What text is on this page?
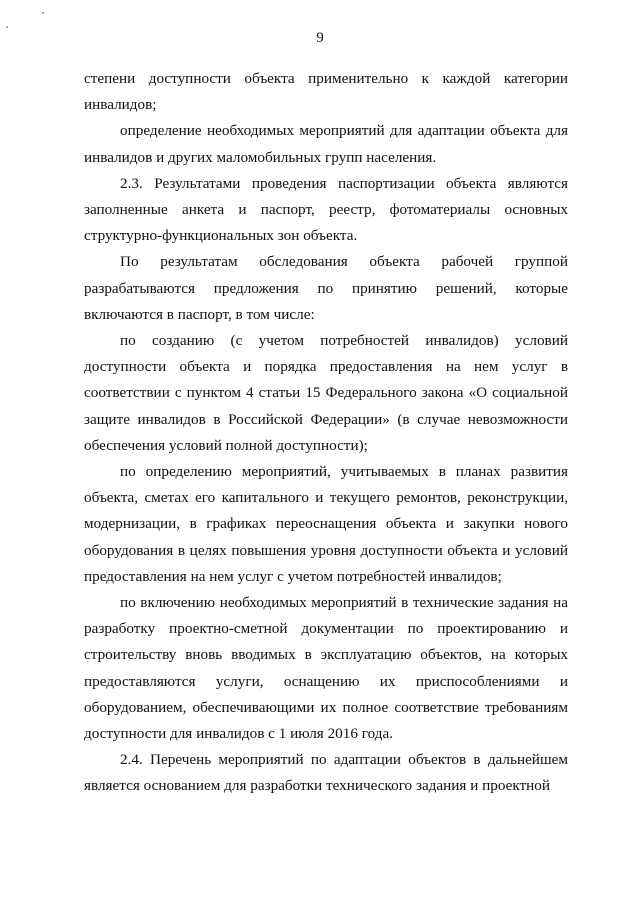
9

степени доступности объекта применительно к каждой категории инвалидов;

определение необходимых мероприятий для адаптации объекта для инвалидов и других маломобильных групп населения.

2.3. Результатами проведения паспортизации объекта являются заполненные анкета и паспорт, реестр, фотоматериалы основных структурно-функциональных зон объекта.

По результатам обследования объекта рабочей группой разрабатываются предложения по принятию решений, которые включаются в паспорт, в том числе:

по созданию (с учетом потребностей инвалидов) условий доступности объекта и порядка предоставления на нем услуг в соответствии с пунктом 4 статьи 15 Федерального закона «О социальной защите инвалидов в Российской Федерации» (в случае невозможности обеспечения условий полной доступности);

по определению мероприятий, учитываемых в планах развития объекта, сметах его капитального и текущего ремонтов, реконструкции, модернизации, в графиках переоснащения объекта и закупки нового оборудования в целях повышения уровня доступности объекта и условий предоставления на нем услуг с учетом потребностей инвалидов;

по включению необходимых мероприятий в технические задания на разработку проектно-сметной документации по проектированию и строительству вновь вводимых в эксплуатацию объектов, на которых предоставляются услуги, оснащению их приспособлениями и оборудованием, обеспечивающими их полное соответствие требованиям доступности для инвалидов с 1 июля 2016 года.

2.4. Перечень мероприятий по адаптации объектов в дальнейшем является основанием для разработки технического задания и проектной
